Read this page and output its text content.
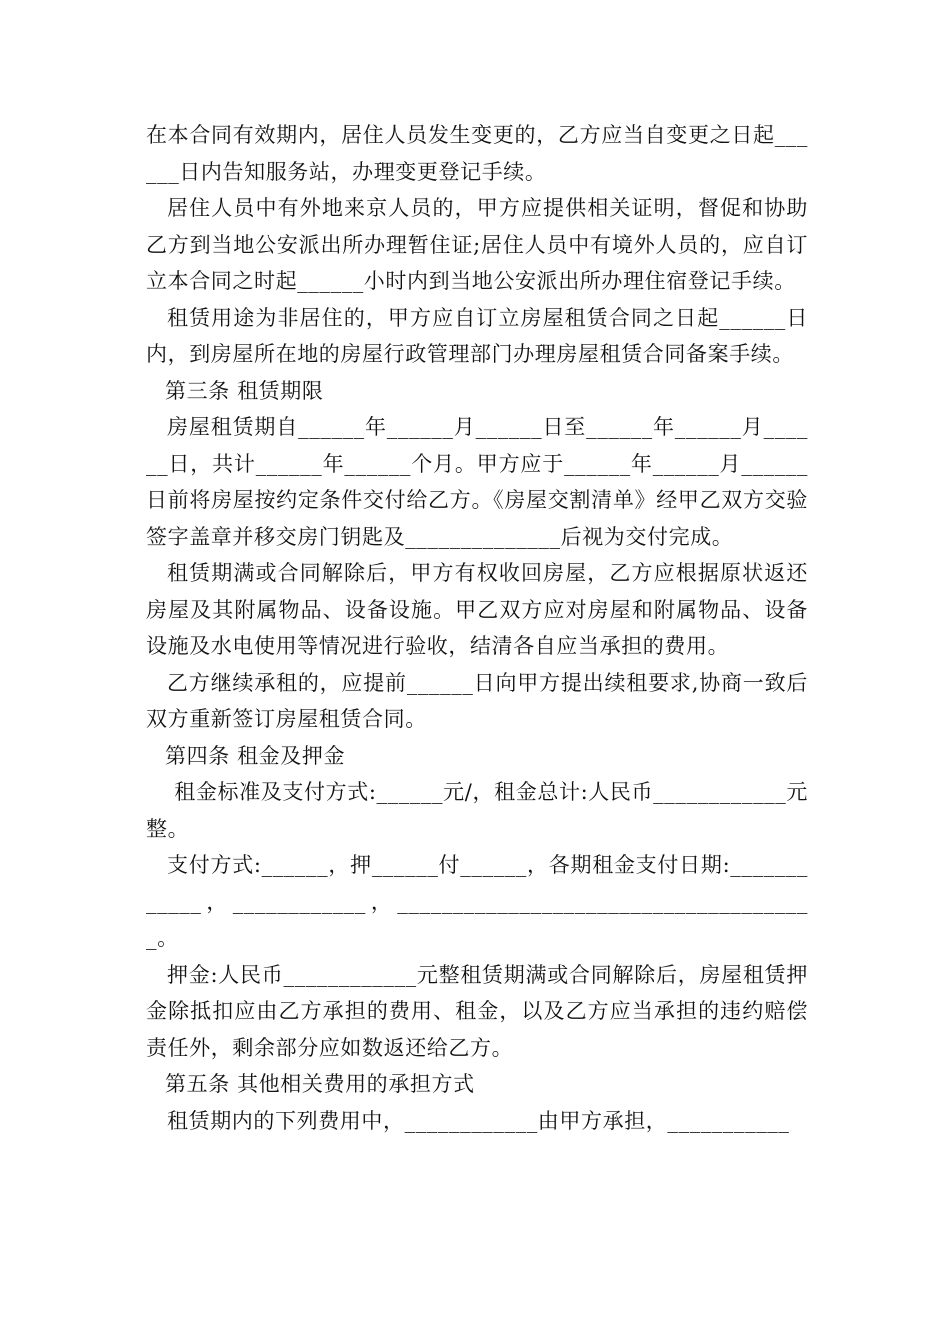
在本合同有效期内，居住人员发生变更的，乙方应当自变更之日起______日内告知服务站，办理变更登记手续。

居住人员中有外地来京人员的，甲方应提供相关证明，督促和协助乙方到当地公安派出所办理暂住证;居住人员中有境外人员的，应自订立本合同之时起______小时内到当地公安派出所办理住宿登记手续。

租赁用途为非居住的，甲方应自订立房屋租赁合同之日起______日内，到房屋所在地的房屋行政管理部门办理房屋租赁合同备案手续。

第三条 租赁期限

房屋租赁期自______年______月______日至______年______月______日，共计______年______个月。甲方应于______年______月______日前将房屋按约定条件交付给乙方。《房屋交割清单》经甲乙双方交验签字盖章并移交房门钥匙及______________后视为交付完成。

租赁期满或合同解除后，甲方有权收回房屋，乙方应根据原状返还房屋及其附属物品、设备设施。甲乙双方应对房屋和附属物品、设备设施及水电使用等情况进行验收，结清各自应当承担的费用。

乙方继续承租的，应提前______日向甲方提出续租要求,协商一致后双方重新签订房屋租赁合同。

第四条 租金及押金

租金标准及支付方式:______元/，租金总计:人民币____________元整。

支付方式:______，押______付______，各期租金支付日期:____________，____________，______________________________________。

押金:人民币____________元整租赁期满或合同解除后，房屋租赁押金除抵扣应由乙方承担的费用、租金，以及乙方应当承担的违约赔偿责任外，剩余部分应如数返还给乙方。

第五条 其他相关费用的承担方式

租赁期内的下列费用中，____________由甲方承担，___________
